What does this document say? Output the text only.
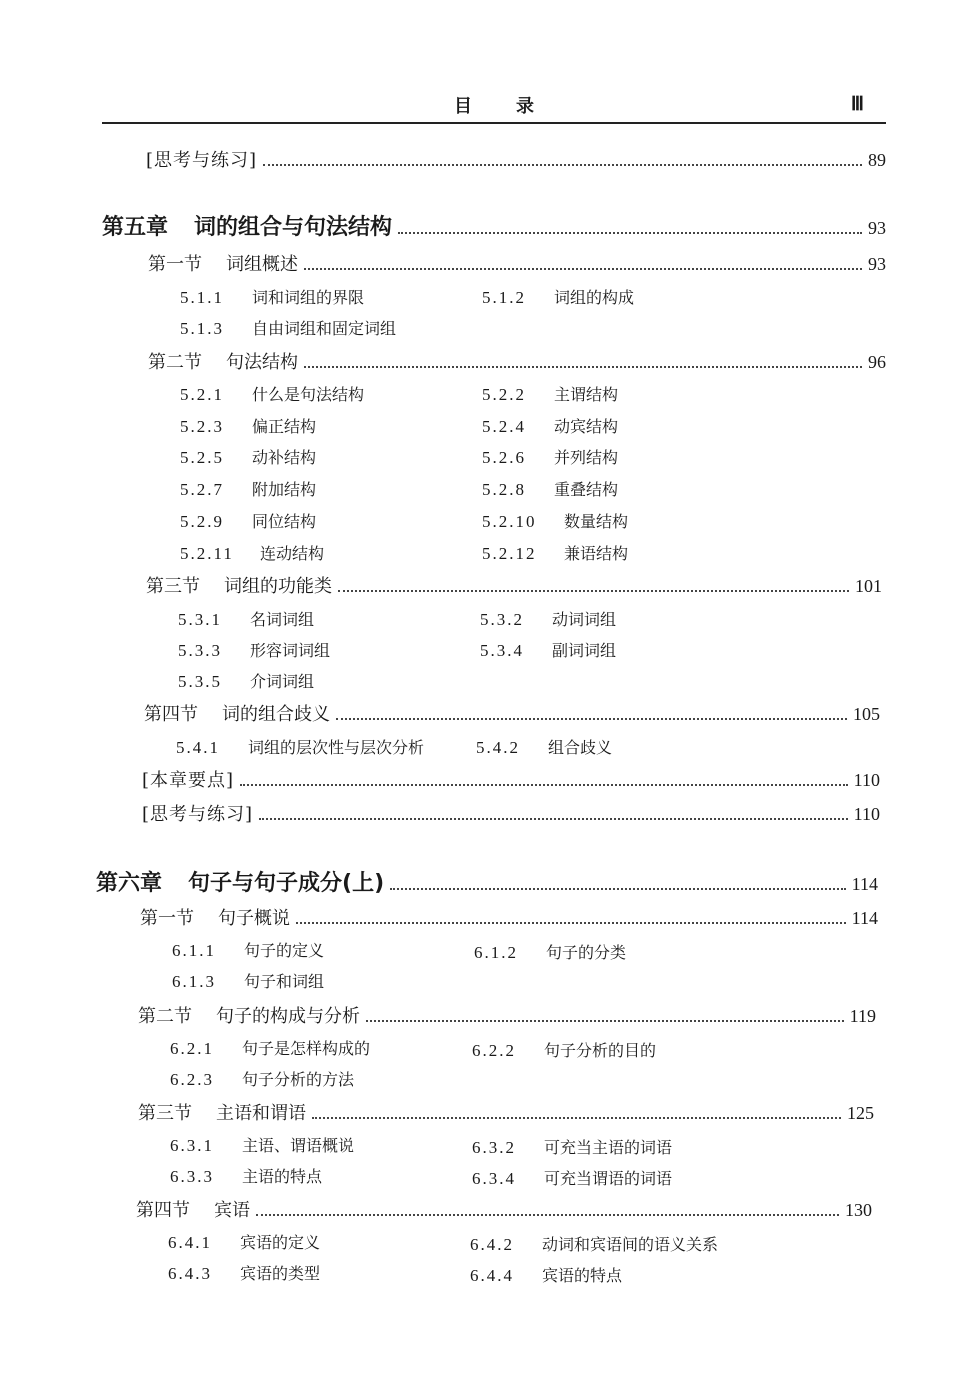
目录	Ⅲ
[思考与练习]	89
第五章 词的组合与句法结构	93
第一节 词组概述	93
5.1.1 词和词组的界限	5.1.2 词组的构成
5.1.3 自由词组和固定词组
第二节 句法结构	96
5.2.1 什么是句法结构	5.2.2 主谓结构
5.2.3 偏正结构	5.2.4 动宾结构
5.2.5 动补结构	5.2.6 并列结构
5.2.7 附加结构	5.2.8 重叠结构
5.2.9 同位结构	5.2.10 数量结构
5.2.11 连动结构	5.2.12 兼语结构
第三节 词组的功能类	101
5.3.1 名词词组	5.3.2 动词词组
5.3.3 形容词词组	5.3.4 副词词组
5.3.5 介词词组
第四节 词的组合歧义	105
5.4.1 词组的层次性与层次分析	5.4.2 组合歧义
[本章要点]	110
[思考与练习]	110
第六章 句子与句子成分(上)	114
第一节 句子概说	114
6.1.1 句子的定义	6.1.2 句子的分类
6.1.3 句子和词组
第二节 句子的构成与分析	119
6.2.1 句子是怎样构成的	6.2.2 句子分析的目的
6.2.3 句子分析的方法
第三节 主语和谓语	125
6.3.1 主语、谓语概说	6.3.2 可充当主语的词语
6.3.3 主语的特点	6.3.4 可充当谓语的词语
第四节 宾语	130
6.4.1 宾语的定义	6.4.2 动词和宾语间的语义关系
6.4.3 宾语的类型	6.4.4 宾语的特点
